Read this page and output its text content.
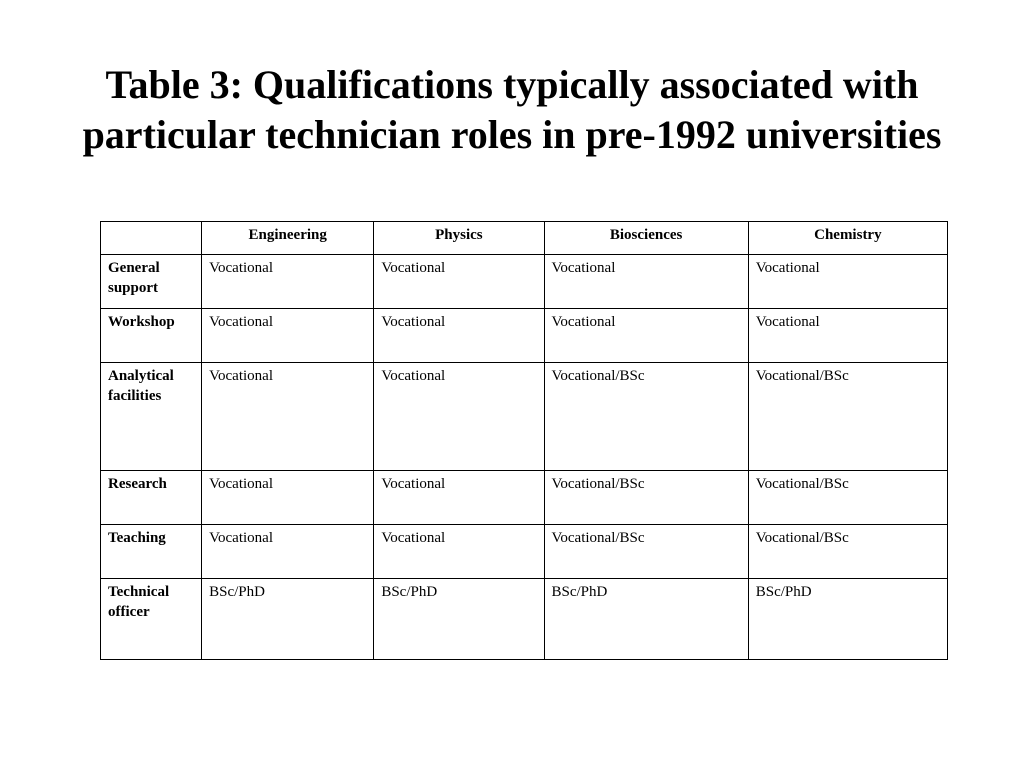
Table 3: Qualifications typically associated with
particular technician roles in pre-1992 universities
	Engineering	Physics	Biosciences	Chemistry
General support	Vocational	Vocational	Vocational	Vocational
Workshop	Vocational	Vocational	Vocational	Vocational
Analytical facilities	Vocational	Vocational	Vocational/BSc	Vocational/BSc
Research	Vocational	Vocational	Vocational/BSc	Vocational/BSc
Teaching	Vocational	Vocational	Vocational/BSc	Vocational/BSc
Technical officer	BSc/PhD	BSc/PhD	BSc/PhD	BSc/PhD
